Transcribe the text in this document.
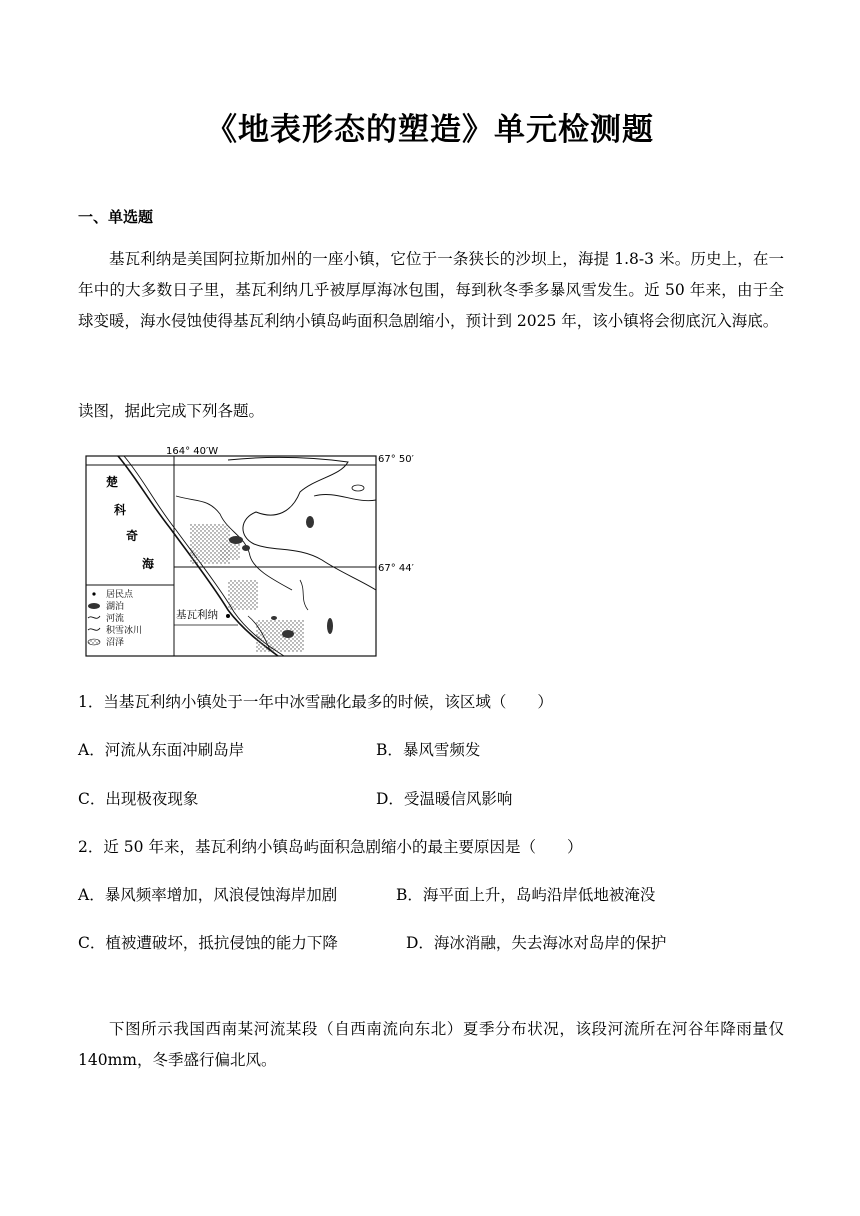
《地表形态的塑造》单元检测题
一、单选题

基瓦利纳是美国阿拉斯加州的一座小镇，它位于一条狭长的沙坝上，海提 1.8-3 米。历史上，在一年中的大多数日子里，基瓦利纳几乎被厚厚海冰包围，每到秋冬季多暴风雪发生。近 50 年来，由于全球变暖，海水侵蚀使得基瓦利纳小镇岛屿面积急剧缩小，预计到 2025 年，该小镇将会彻底沉入海底。

读图，据此完成下列各题。
164° 40′W
67° 50′
67° 44′
楚
科
奇
海
基瓦利纳
居民点
湖泊
河流
积雪冰川
沼泽
1．当基瓦利纳小镇处于一年中冰雪融化最多的时候，该区域（　　）
A．河流从东面冲刷岛岸	B．暴风雪频发
C．出现极夜现象	D．受温暖信风影响
2．近 50 年来，基瓦利纳小镇岛屿面积急剧缩小的最主要原因是（　　）
A．暴风频率增加，风浪侵蚀海岸加剧	B．海平面上升，岛屿沿岸低地被淹没
C．植被遭破坏，抵抗侵蚀的能力下降	D．海冰消融，失去海冰对岛岸的保护

下图所示我国西南某河流某段（自西南流向东北）夏季分布状况，该段河流所在河谷年降雨量仅 140mm，冬季盛行偏北风。
